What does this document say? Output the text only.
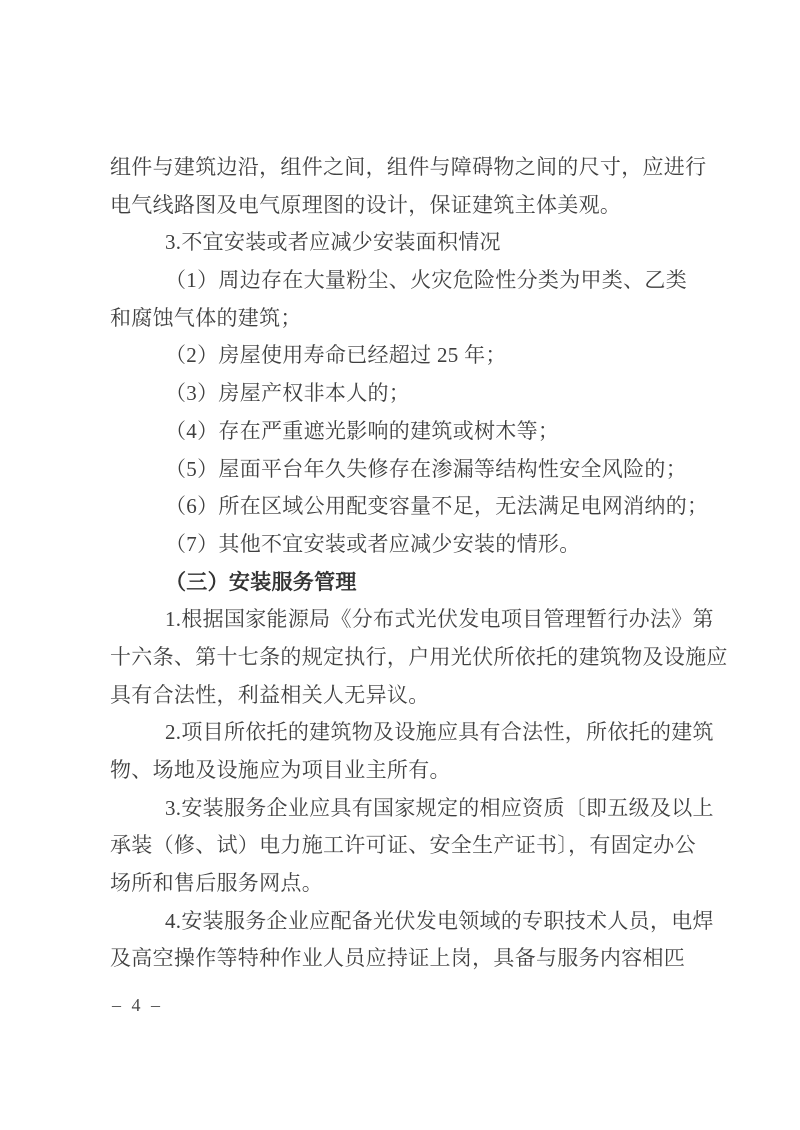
组件与建筑边沿，组件之间，组件与障碍物之间的尺寸，应进行
电气线路图及电气原理图的设计，保证建筑主体美观。
3.不宜安装或者应减少安装面积情况
（1）周边存在大量粉尘、火灾危险性分类为甲类、乙类
和腐蚀气体的建筑；
（2）房屋使用寿命已经超过 25 年；
（3）房屋产权非本人的；
（4）存在严重遮光影响的建筑或树木等；
（5）屋面平台年久失修存在渗漏等结构性安全风险的；
（6）所在区域公用配变容量不足，无法满足电网消纳的；
（7）其他不宜安装或者应减少安装的情形。
（三）安装服务管理
1.根据国家能源局《分布式光伏发电项目管理暂行办法》第
十六条、第十七条的规定执行，户用光伏所依托的建筑物及设施应
具有合法性，利益相关人无异议。
2.项目所依托的建筑物及设施应具有合法性，所依托的建筑
物、场地及设施应为项目业主所有。
3.安装服务企业应具有国家规定的相应资质〔即五级及以上
承装（修、试）电力施工许可证、安全生产证书〕，有固定办公
场所和售后服务网点。
4.安装服务企业应配备光伏发电领域的专职技术人员，电焊
及高空操作等特种作业人员应持证上岗，具备与服务内容相匹
– 4 –
